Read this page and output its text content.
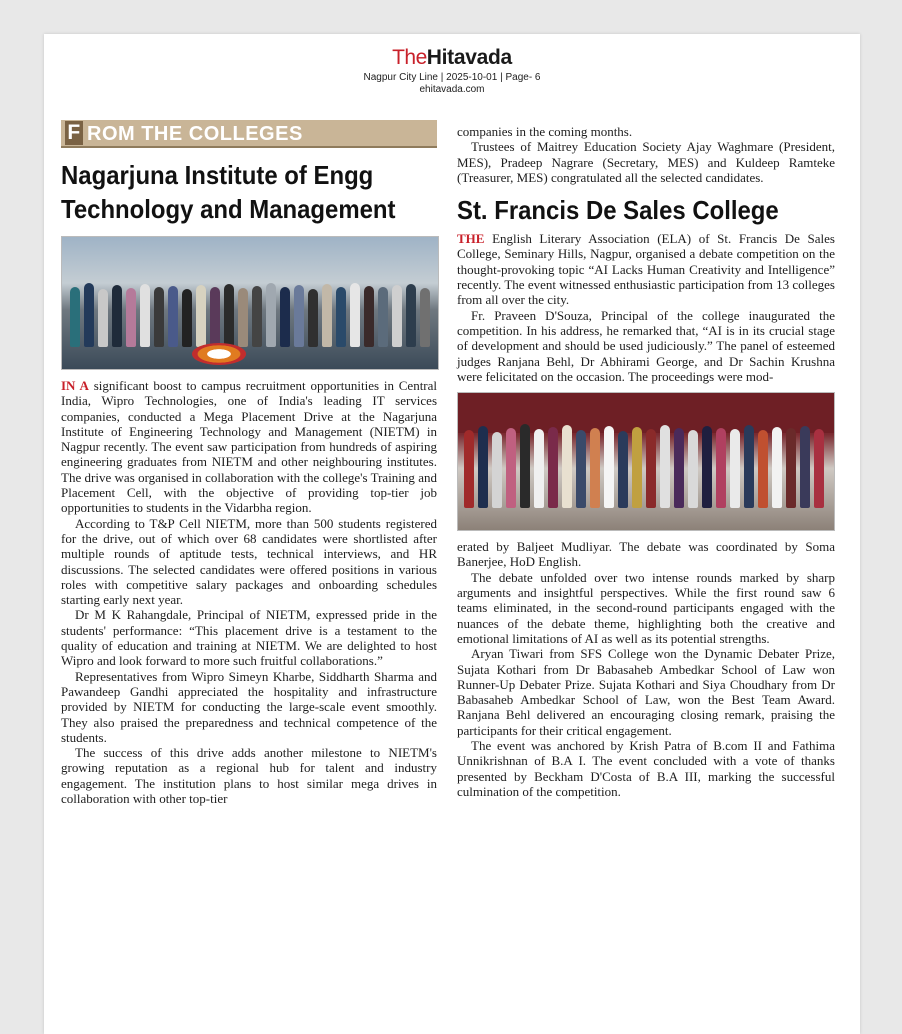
TheHitavada
Nagpur City Line | 2025-10-01 | Page- 6
ehitavada.com
F ROM THE COLLEGES
Nagarjuna Institute of Engg
Technology and Management

IN A significant boost to campus recruitment opportunities in Central India, Wipro Technologies, one of India's leading IT services companies, conducted a Mega Placement Drive at the Nagarjuna Institute of Engineering Technology and Management (NIETM) in Nagpur recently. The event saw participation from hundreds of aspiring engineering graduates from NIETM and other neighbouring institutes. The drive was organised in collaboration with the college's Training and Placement Cell, with the objective of providing top-tier job opportunities to students in the Vidarbha region.

According to T&P Cell NIETM, more than 500 students registered for the drive, out of which over 68 candidates were shortlisted after multiple rounds of aptitude tests, technical interviews, and HR discussions. The selected candidates were offered positions in various roles with competitive salary packages and onboarding schedules starting early next year.

Dr M K Rahangdale, Principal of NIETM, expressed pride in the students' performance: “This placement drive is a testament to the quality of education and training at NIETM. We are delighted to host Wipro and look forward to more such fruitful collaborations.”

Representatives from Wipro Simeyn Kharbe, Siddharth Sharma and Pawandeep Gandhi appreciated the hospitality and infrastructure provided by NIETM for conducting the large-scale event smoothly. They also praised the preparedness and technical competence of the students.

The success of this drive adds another milestone to NIETM's growing reputation as a regional hub for talent and industry engagement. The institution plans to host similar mega drives in collaboration with other top-tier

companies in the coming months.

Trustees of Maitrey Education Society Ajay Waghmare (President, MES), Pradeep Nagrare (Secretary, MES) and Kuldeep Ramteke (Treasurer, MES) congratulated all the selected candidates.

St. Francis De Sales College

THE English Literary Association (ELA) of St. Francis De Sales College, Seminary Hills, Nagpur, organised a debate competition on the thought-provoking topic “AI Lacks Human Creativity and Intelligence” recently. The event witnessed enthusiastic participation from 13 colleges from all over the city.

Fr. Praveen D'Souza, Principal of the college inaugurated the competition. In his address, he remarked that, “AI is in its crucial stage of development and should be used judiciously.” The panel of esteemed judges Ranjana Behl, Dr Abhirami George, and Dr Sachin Krushna were felicitated on the occasion. The proceedings were mod-

erated by Baljeet Mudliyar. The debate was coordinated by Soma Banerjee, HoD English.

The debate unfolded over two intense rounds marked by sharp arguments and insightful perspectives. While the first round saw 6 teams eliminated, in the second-round participants engaged with the nuances of the debate theme, highlighting both the creative and emotional limitations of AI as well as its potential strengths.

Aryan Tiwari from SFS College won the Dynamic Debater Prize, Sujata Kothari from Dr Babasaheb Ambedkar School of Law won Runner-Up Debater Prize. Sujata Kothari and Siya Choudhary from Dr Babasaheb Ambedkar School of Law, won the Best Team Award. Ranjana Behl delivered an encouraging closing remark, praising the participants for their critical engagement.

The event was anchored by Krish Patra of B.com II and Fathima Unnikrishnan of B.A I. The event concluded with a vote of thanks presented by Beckham D'Costa of B.A III, marking the successful culmination of the competition.
